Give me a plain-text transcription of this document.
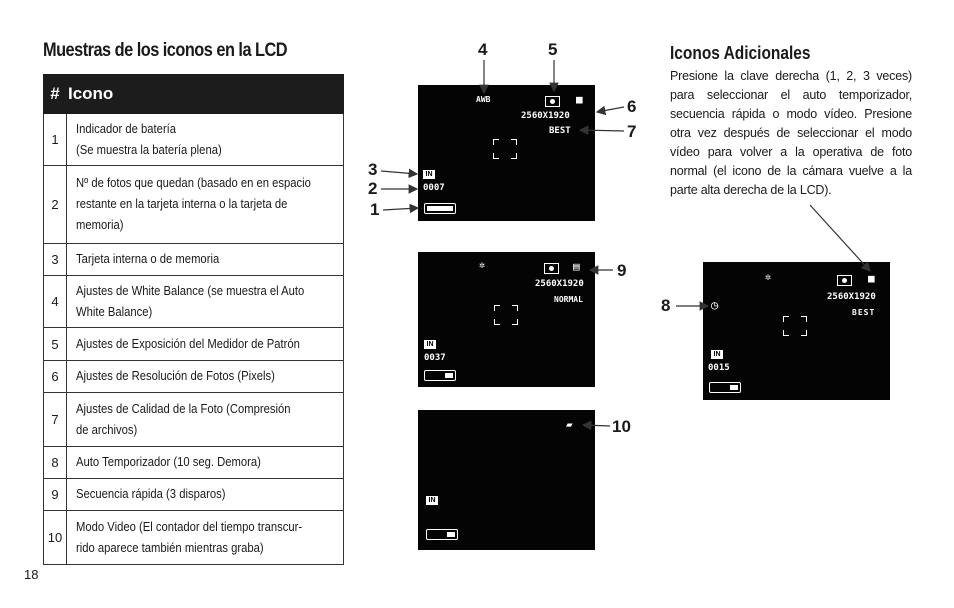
Muestras de los iconos en la LCD
#	Icono
1	Indicador de batería
(Se muestra la batería plena)

2	Nº de fotos que quedan (basado en en espacio
restante en la tarjeta interna o la tarjeta de
memoria)

3	Tarjeta interna o de memoria

4	Ajustes de White Balance (se muestra el Auto
White Balance)

5	Ajustes de Exposición del Medidor de Patrón

6	Ajustes de Resolución de Fotos (Pixels)

7	Ajustes de Calidad de la Foto (Compresión
de archivos)

8	Auto Temporizador (10 seg. Demora)

9	Secuencia rápida (3 disparos)

10	Modo Video (El contador del tiempo transcur-
rido aparece también mientras graba)
18
AWB	■
2560X1920
BEST
IN
0007
✲	▤
2560X1920
NORMAL
IN
0037
▰
IN
✲	■
2560X1920
◷
BEST
IN
0015
4	5
6
7
3
2
1
9
10
8
Iconos Adicionales
Presione la clave derecha (1, 2, 3 veces) para seleccionar el auto temporizador, secuencia rápida o modo vídeo. Presione otra vez después de seleccionar el modo vídeo para volver a la operativa de foto normal (el icono de la cámara vuelve a la parte alta derecha de la LCD).
